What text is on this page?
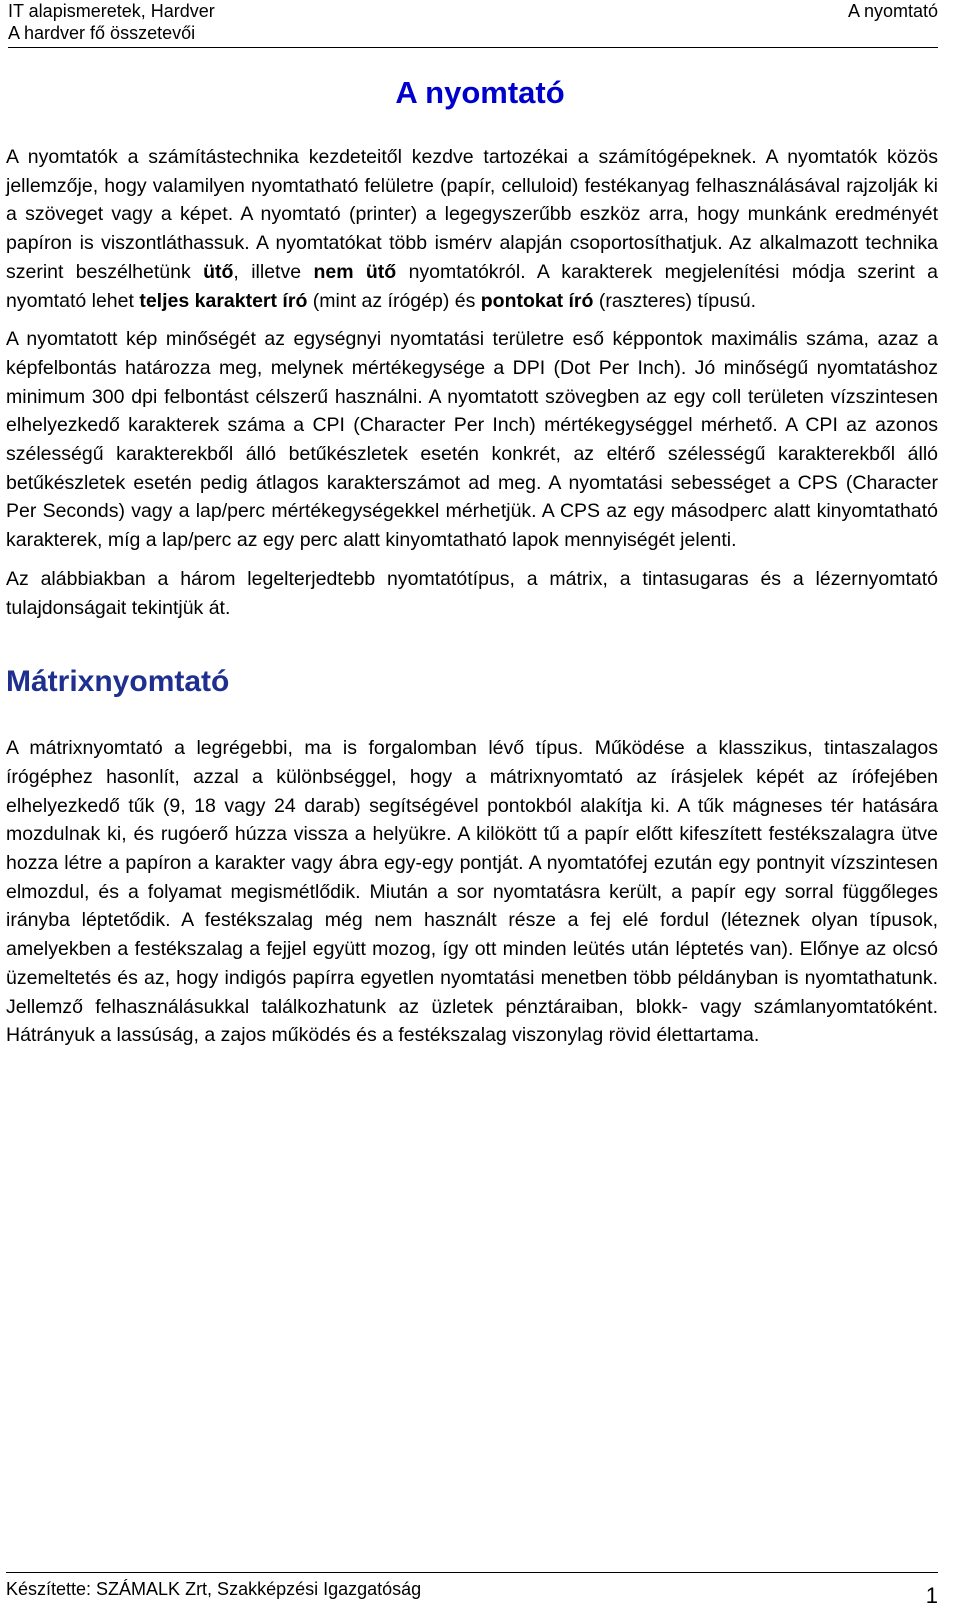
IT alapismeretek, Hardver
A hardver fő összetevői
A nyomtató
A nyomtató

A nyomtatók a számítástechnika kezdeteitől kezdve tartozékai a számítógépeknek. A nyomtatók közös jellemzője, hogy valamilyen nyomtatható felületre (papír, celluloid) festékanyag felhasználásával rajzolják ki a szöveget vagy a képet. A nyomtató (printer) a legegyszerűbb eszköz arra, hogy munkánk eredményét papíron is viszontláthassuk. A nyomtatókat több ismérv alapján csoportosíthatjuk. Az alkalmazott technika szerint beszélhetünk ütő, illetve nem ütő nyomtatókról. A karakterek megjelenítési módja szerint a nyomtató lehet teljes karaktert író (mint az írógép) és pontokat író (raszteres) típusú.

A nyomtatott kép minőségét az egységnyi nyomtatási területre eső képpontok maximális száma, azaz a képfelbontás határozza meg, melynek mértékegysége a DPI (Dot Per Inch). Jó minőségű nyomtatáshoz minimum 300 dpi felbontást célszerű használni. A nyomtatott szövegben az egy coll területen vízszintesen elhelyezkedő karakterek száma a CPI (Character Per Inch) mértékegységgel mérhető. A CPI az azonos szélességű karakterekből álló betűkészletek esetén konkrét, az eltérő szélességű karakterekből álló betűkészletek esetén pedig átlagos karakterszámot ad meg. A nyomtatási sebességet a CPS (Character Per Seconds) vagy a lap/perc mértékegységekkel mérhetjük. A CPS az egy másodperc alatt kinyomtatható karakterek, míg a lap/perc az egy perc alatt kinyomtatható lapok mennyiségét jelenti.

Az alábbiakban a három legelterjedtebb nyomtatótípus, a mátrix, a tintasugaras és a lézernyomtató tulajdonságait tekintjük át.

Mátrixnyomtató

A mátrixnyomtató a legrégebbi, ma is forgalomban lévő típus. Működése a klasszikus, tintaszalagos írógéphez hasonlít, azzal a különbséggel, hogy a mátrixnyomtató az írásjelek képét az írófejében elhelyezkedő tűk (9, 18 vagy 24 darab) segítségével pontokból alakítja ki. A tűk mágneses tér hatására mozdulnak ki, és rugóerő húzza vissza a helyükre. A kilökött tű a papír előtt kifeszített festékszalagra ütve hozza létre a papíron a karakter vagy ábra egy-egy pontját. A nyomtatófej ezután egy pontnyit vízszintesen elmozdul, és a folyamat megismétlődik. Miután a sor nyomtatásra került, a papír egy sorral függőleges irányba léptetődik. A festékszalag még nem használt része a fej elé fordul (léteznek olyan típusok, amelyekben a festékszalag a fejjel együtt mozog, így ott minden leütés után léptetés van). Előnye az olcsó üzemeltetés és az, hogy indigós papírra egyetlen nyomtatási menetben több példányban is nyomtathatunk. Jellemző felhasználásukkal találkozhatunk az üzletek pénztáraiban, blokk- vagy számlanyomtatóként. Hátrányuk a lassúság, a zajos működés és a festékszalag viszonylag rövid élettartama.

Készítette: SZÁMALK Zrt, Szakképzési Igazgatóság	1
